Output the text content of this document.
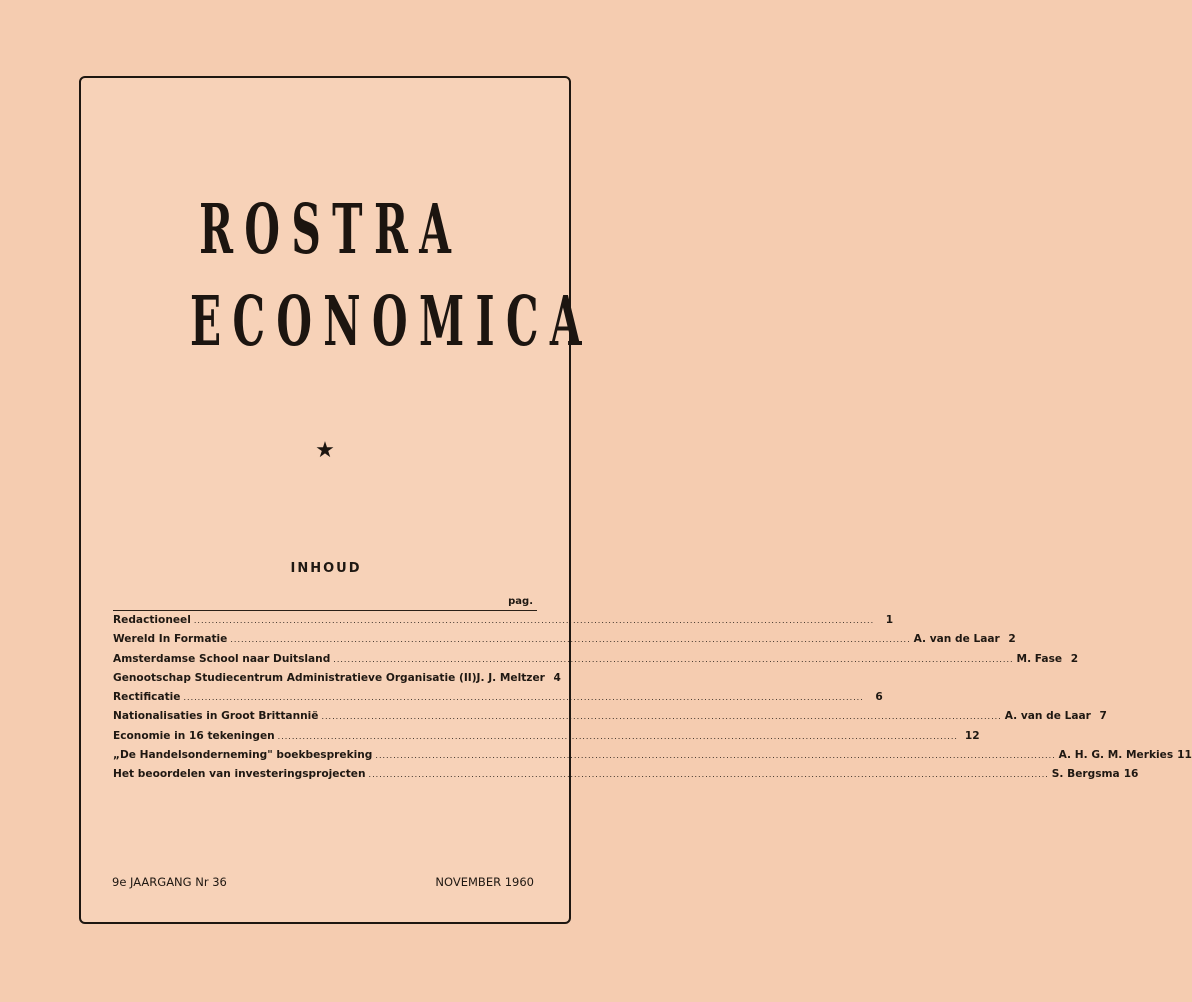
ROSTRA
ECONOMICA
★
INHOUD
pag.
Redactioneel .....	1
Wereld In Formatie .....	A. van de Laar 2
Amsterdamse School naar Duitsland .....	M. Fase 2
Genootschap Studiecentrum Administratieve Organisatie (II) J. J. Meltzer 4
Rectificatie .....	6
Nationalisaties in Groot Brittannië .....	A. van de Laar 7
Economie in 16 tekeningen .....	12
„De Handelsonderneming" boekbespreking .....	A. H. G. M. Merkies 11
Het beoordelen van investeringsprojecten .....	S. Bergsma 16
9e JAARGANG Nr 36	NOVEMBER 1960
